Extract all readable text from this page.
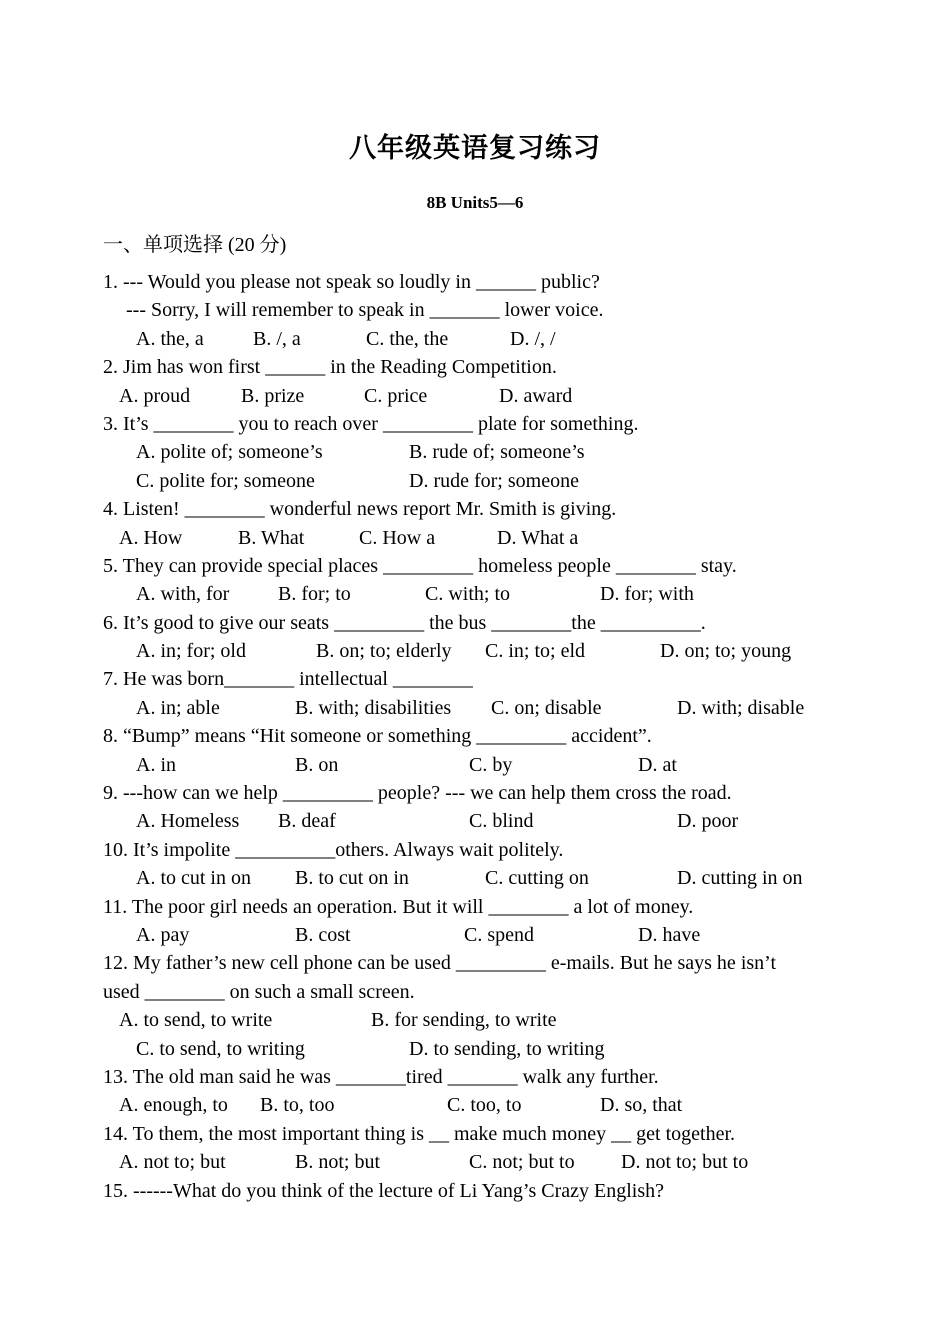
八年级英语复习练习
8B Units5—6
一、单项选择 (20 分)
1. --- Would you please not speak so loudly in ______ public?
--- Sorry, I will remember to speak in _______ lower voice.
A. the, a B. /, a	C. the, the	D. /, /
2. Jim has won first ______ in the Reading Competition.
A. proud	B. prize	C. price	D. award
3. It’s ________ you to reach over _________ plate for something.
A. polite of; someone’s	B. rude of; someone’s
C. polite for; someone	D. rude for; someone
4. Listen! ________ wonderful news report Mr. Smith is giving.
A. How	B. What	C. How a	D. What a
5. They can provide special places _________ homeless people ________ stay.
A. with, for B. for; to	C. with; to	D. for; with
6. It’s good to give our seats _________ the bus ________the __________.
A. in; for; old	B. on; to; elderly C. in; to; eld	D. on; to; young
7. He was born_______ intellectual ________
A. in; able	B. with; disabilities C. on; disable	D. with; disable
8. “Bump” means “Hit someone or something _________ accident”.
A. in	B. on	C. by	D. at
9. ---how can we help _________ people? --- we can help them cross the road.
A. Homeless B. deaf	C. blind	D. poor
10. It’s impolite __________others. Always wait politely.
A. to cut in on B. to cut on in	C. cutting on	D. cutting in on
11. The poor girl needs an operation. But it will ________ a lot of money.
A. pay	B. cost	C. spend	D. have
12. My father’s new cell phone can be used _________ e-mails. But he says he isn’t
used ________ on such a small screen.
A. to send, to write	B. for sending, to write
C. to send, to writing	D. to sending, to writing
13. The old man said he was _______tired _______ walk any further.
A. enough, to B. to, too	C. too, to	D. so, that
14. To them, the most important thing is __ make much money __ get together.
A. not to; but	B. not; but	C. not; but to D. not to; but to
15. ------What do you think of the lecture of Li Yang’s Crazy English?
